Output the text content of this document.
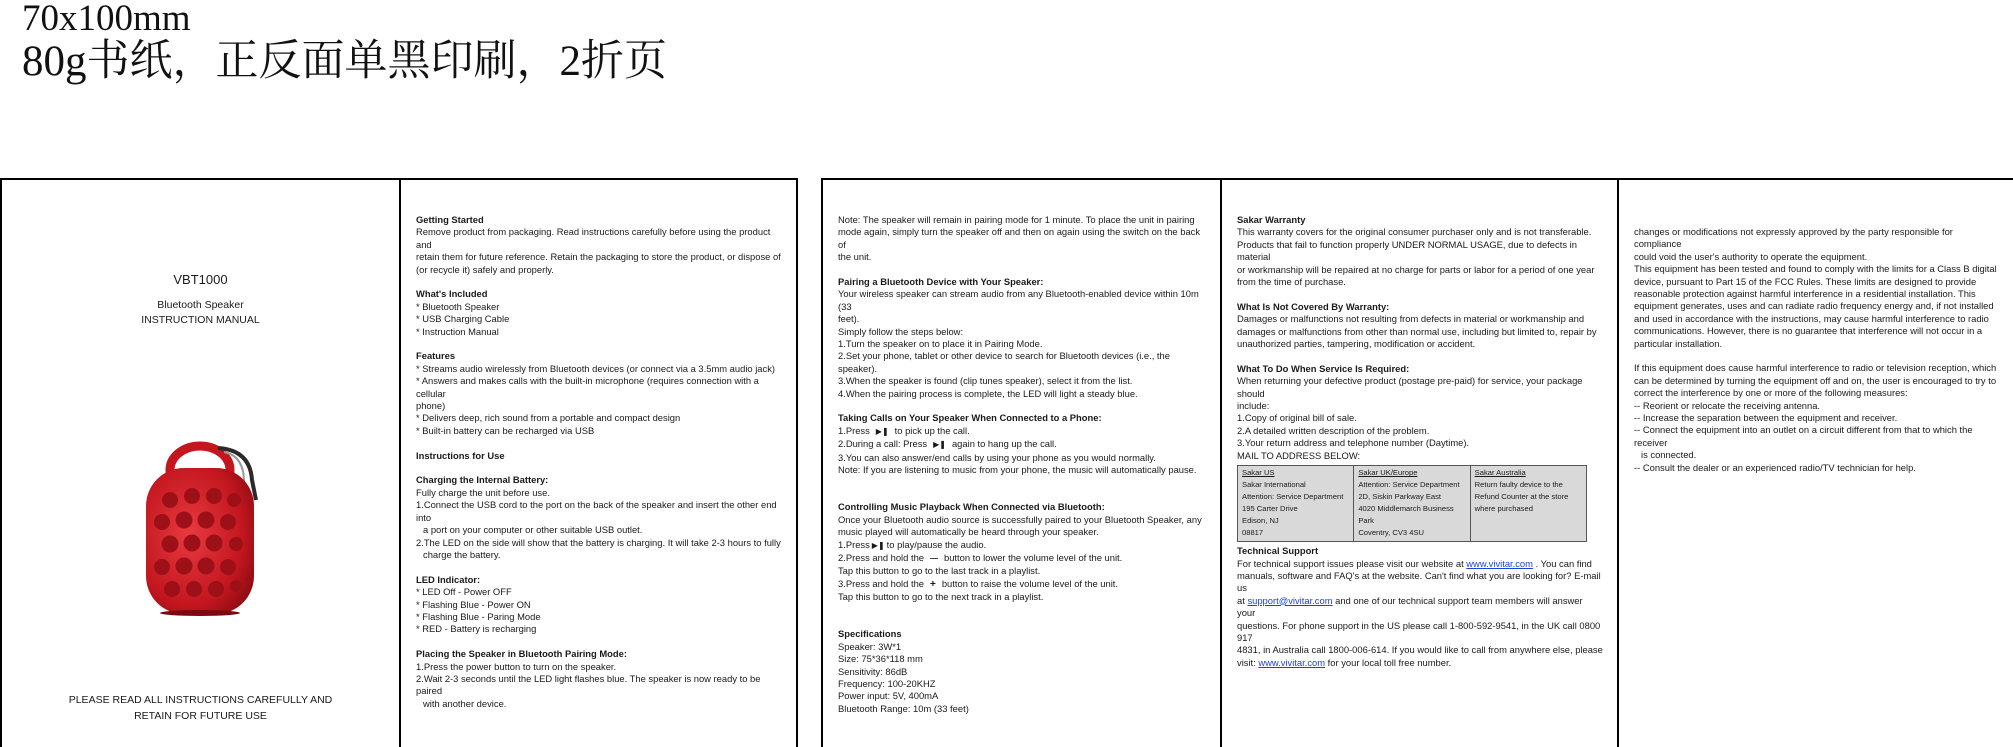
70x100mm
80g书纸，正反面单黑印刷，2折页
VBT1000
Bluetooth Speaker
INSTRUCTION MANUAL
PLEASE READ ALL INSTRUCTIONS CAREFULLY AND
RETAIN FOR FUTURE USE

Getting Started

Remove product from packaging. Read instructions carefully before using the product and

retain them for future reference. Retain the packaging to store the product, or dispose of

(or recycle it) safely and properly.

What's Included

* Bluetooth Speaker

* USB Charging Cable

* Instruction Manual

Features

* Streams audio wirelessly from Bluetooth devices (or connect via a 3.5mm audio jack)

* Answers and makes calls with the built-in microphone (requires connection with a cellular

phone)

* Delivers deep, rich sound from a portable and compact design

* Built-in battery can be recharged via USB

Instructions for Use

Charging the Internal Battery:

Fully charge the unit before use.

1.Connect the USB cord to the port on the back of the speaker and insert the other end into

a port on your computer or other suitable USB outlet.

2.The LED on the side will show that the battery is charging. It will take 2-3 hours to fully

charge the battery.

LED Indicator:

* LED Off - Power OFF

* Flashing Blue - Power ON

* Flashing Blue - Paring Mode

* RED - Battery is recharging

Placing the Speaker in Bluetooth Pairing Mode:

1.Press the power button to turn on the speaker.

2.Wait 2-3 seconds until the LED light flashes blue. The speaker is now ready to be paired

with another device.

Note: The speaker will remain in pairing mode for 1 minute. To place the unit in pairing

mode again, simply turn the speaker off and then on again using the switch on the back of

the unit.

Pairing a Bluetooth Device with Your Speaker:

Your wireless speaker can stream audio from any Bluetooth-enabled device within 10m (33

feet).

Simply follow the steps below:

1.Turn the speaker on to place it in Pairing Mode.

2.Set your phone, tablet or other device to search for Bluetooth devices (i.e., the speaker).

3.When the speaker is found (clip tunes speaker), select it from the list.

4.When the pairing process is complete, the LED will light a steady blue.

Taking Calls on Your Speaker When Connected to a Phone:

1.Press ▶❚ to pick up the call.

2.During a call: Press ▶❚ again to hang up the call.

3.You can also answer/end calls by using your phone as you would normally.

Note: If you are listening to music from your phone, the music will automatically pause.

Controlling Music Playback When Connected via Bluetooth:

Once your Bluetooth audio source is successfully paired to your Bluetooth Speaker, any

music played will automatically be heard through your speaker.

1.Press ▶❚ to play/pause the audio.

2.Press and hold the — button to lower the volume level of the unit.

Tap this button to go to the last track in a playlist.

3.Press and hold the + button to raise the volume level of the unit.

Tap this button to go to the next track in a playlist.

Specifications

Speaker: 3W*1

Size: 75*36*118 mm

Sensitivity: 86dB

Frequency: 100-20KHZ

Power input: 5V, 400mA

Bluetooth Range: 10m (33 feet)

Sakar Warranty

This warranty covers for the original consumer purchaser only and is not transferable.

Products that fail to function properly UNDER NORMAL USAGE, due to defects in material

or workmanship will be repaired at no charge for parts or labor for a period of one year

from the time of purchase.

What Is Not Covered By Warranty:

Damages or malfunctions not resulting from defects in material or workmanship and

damages or malfunctions from other than normal use, including but limited to, repair by

unauthorized parties, tampering, modification or accident.

What To Do When Service Is Required:

When returning your defective product (postage pre-paid) for service, your package should

include:

1.Copy of original bill of sale.

2.A detailed written description of the problem.

3.Your return address and telephone number (Daytime).

MAIL TO ADDRESS BELOW:

Sakar US
Sakar International
Attention: Service Department
195 Carter Drive
Edison, NJ
08817
Sakar UK/Europe
Attention: Service Department
2D, Siskin Parkway East
4020 Middlemarch Business Park
Coventry, CV3 4SU
Sakar Australia
Return faulty device to the
Refund Counter at the store
where purchased

Technical Support

For technical support issues please visit our website at www.vivitar.com . You can find

manuals, software and FAQ's at the website. Can't find what you are looking for? E-mail us

at support@vivitar.com and one of our technical support team members will answer your

questions. For phone support in the US please call 1-800-592-9541, in the UK call 0800 917

4831, in Australia call 1800-006-614. If you would like to call from anywhere else, please

visit: www.vivitar.com for your local toll free number.

changes or modifications not expressly approved by the party responsible for compliance

could void the user's authority to operate the equipment.

This equipment has been tested and found to comply with the limits for a Class B digital

device, pursuant to Part 15 of the FCC Rules. These limits are designed to provide

reasonable protection against harmful interference in a residential installation. This

equipment generates, uses and can radiate radio frequency energy and, if not installed

and used in accordance with the instructions, may cause harmful interference to radio

communications. However, there is no guarantee that interference will not occur in a

particular installation.

If this equipment does cause harmful interference to radio or television reception, which

can be determined by turning the equipment off and on, the user is encouraged to try to

correct the interference by one or more of the following measures:

-- Reorient or relocate the receiving antenna.

-- Increase the separation between the equipment and receiver.

-- Connect the equipment into an outlet on a circuit different from that to which the receiver

is connected.

-- Consult the dealer or an experienced radio/TV technician for help.
